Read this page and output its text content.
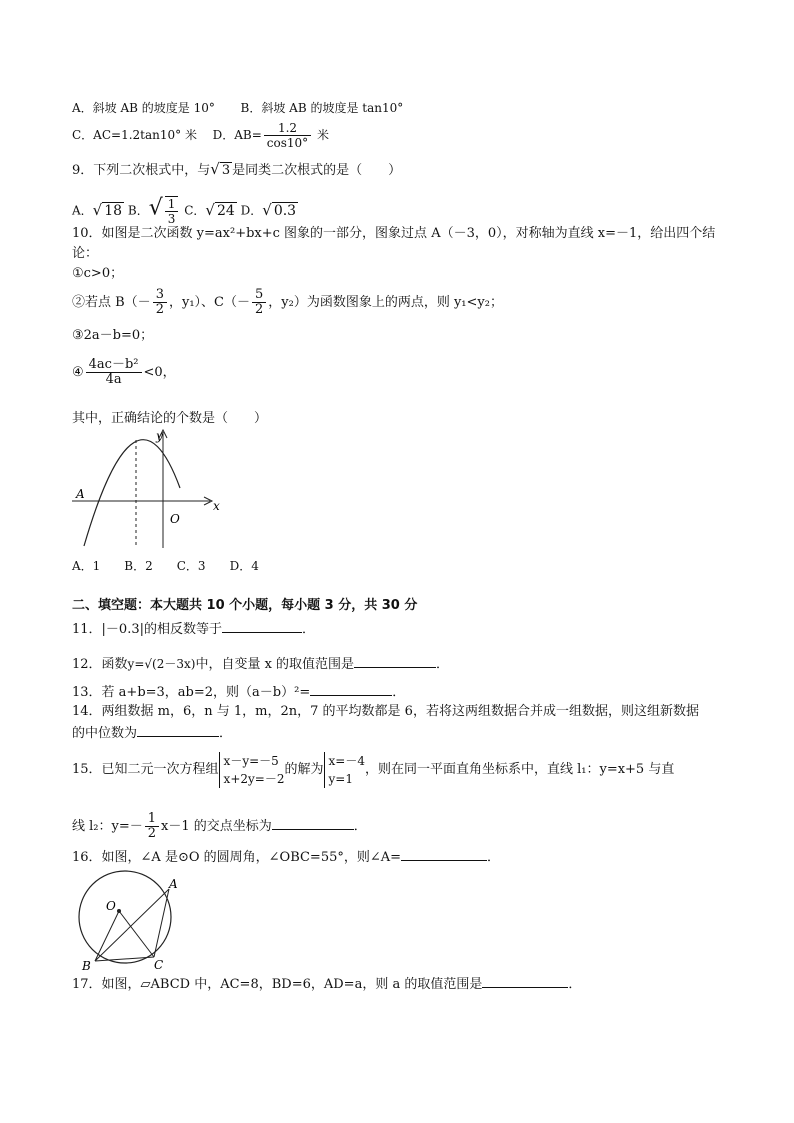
A．斜坡 AB 的坡度是 10° B．斜坡 AB 的坡度是 tan10°
C．AC=1.2tan10° 米 D．$AB= \frac{1.2}{\cos 10^\circ}$ 米
9．下列二次根式中，与√ 3 是同类二次根式的是（　　）
A．√ 18 B．√ $\frac{1}{3}$ C．√ 24 D．√ 0.3
10．如图是二次函数 y=ax²+bx+c 图象的一部分，图象过点 A（－3，0），对称轴为直线 x=－1，给出四个结
论：
①c>0；
②若点 $B(- \frac{3}{2}$ ，y₁）、$C(- \frac{5}{2}$ ，y₂）为函数图象上的两点，则 y₁<y₂；
③2a－b=0；
④ $\frac{\text{4ac－b²}}{4a} <0$，
其中，正确结论的个数是（　　）
y
x
O
A
A．1　　B．2　　C．3　　D．4
二、填空题：本大题共 10 个小题，每小题 3 分，共 30 分
11．|－0.3|的相反数等于	．
12．函数y=√(2－3x)中，自变量 x 的取值范围是	．
13．若 a+b=3，ab=2，则（a－b）²=	．
14．两组数据 m，6，n 与 1，m，2n，7 的平均数都是 6，若将这两组数据合并成一组数据，则这组新数据
的中位数为	．
15．已知二元一次方程组
x－y=－5
x+2y=－2
的解为
x=－4
y=1
，则在同一平面直角坐标系中，直线 l₁：y=x+5 与直
线 l₂：$y=- \frac{1}{2} x-1$ 的交点坐标为	．
16．如图，∠A 是⊙O 的圆周角，∠OBC=55°，则∠A=	．
O
A
B	C
17．如图，▱ABCD 中，AC=8，BD=6，AD=a，则 a 的取值范围是	．
